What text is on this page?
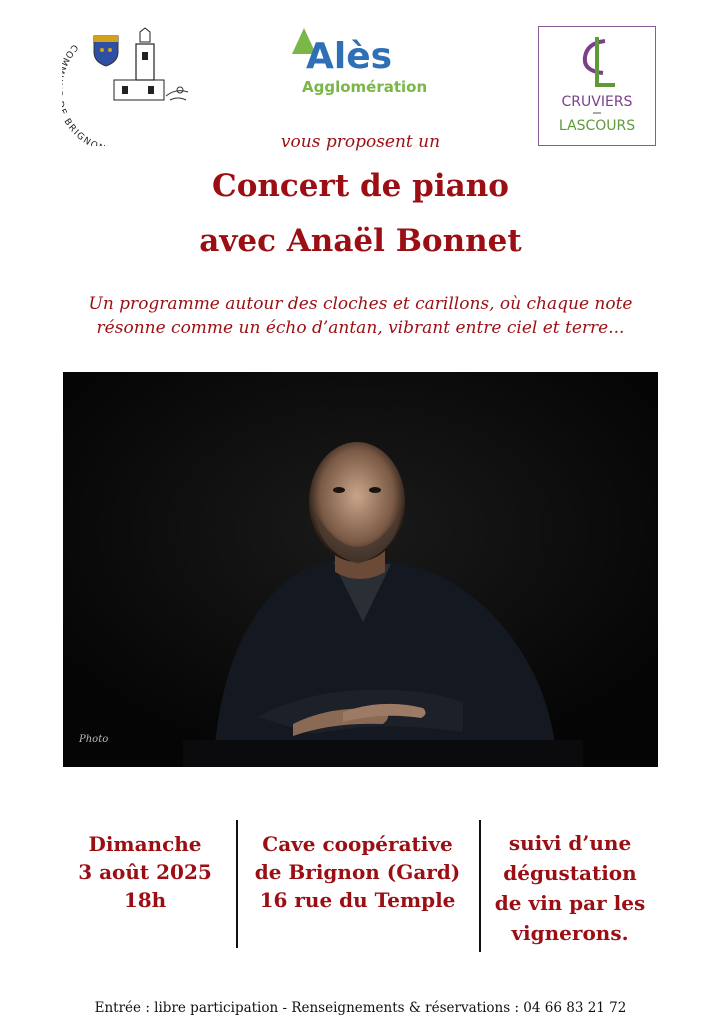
CO BRIGN
Alès
Agglomération
CRUVIERS
LASCOURS
vous proposent un
Concert de piano
avec Anaël Bonnet
Un programme autour des cloches et carillons, où chaque note
résonne comme un écho d’antan, vibrant entre ciel et terre...
Photo
Dimanche
3 août 2025
18h
Cave coopérative
de Brignon (Gard)
16 rue du Temple
suivi d’une
dégustation
de vin par les
vignerons.
Entrée : libre participation - Renseignements & réservations : 04 66 83 21 72
